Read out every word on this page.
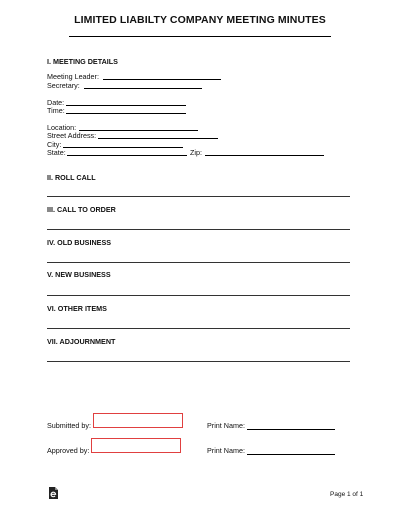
LIMITED LIABILTY COMPANY MEETING MINUTES
I. MEETING DETAILS
Meeting Leader:
Secretary:
Date:
Time:
Location:
Street Address:
City:
State:	Zip:
II. ROLL CALL
III. CALL TO ORDER
IV. OLD BUSINESS
V. NEW BUSINESS
VI. OTHER ITEMS
VII. ADJOURNMENT
Submitted by:	Print Name:
Approved by:	Print Name:
Page 1 of 1
